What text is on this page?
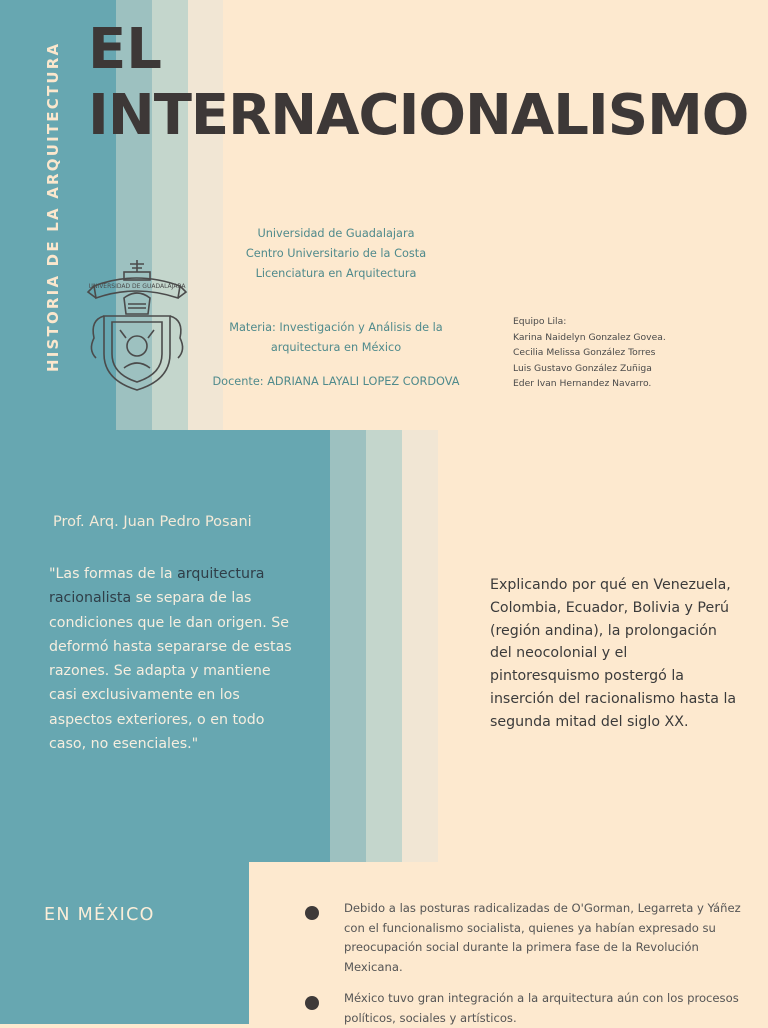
EL
INTERNACIONALISMO
HISTORIA DE LA ARQUITECTURA	UNIVERSIDAD DE GUADALAJARA
Universidad de Guadalajara
Centro Universitario de la Costa
Licenciatura en Arquitectura
Materia: Investigación y Análisis de la
arquitectura en México
Docente: ADRIANA LAYALI LOPEZ CORDOVA
Equipo Lila:
Karina Naidelyn Gonzalez Govea.
Cecilia Melissa González Torres
Luis Gustavo González Zuñiga
Eder Ivan Hernandez Navarro.
Prof. Arq. Juan Pedro Posani
"Las formas de la arquitectura racionalista se separa de las condiciones que le dan origen. Se deformó hasta separarse de estas razones. Se adapta y mantiene casi exclusivamente en los aspectos exteriores, o en todo caso, no esenciales."
Explicando por qué en Venezuela, Colombia, Ecuador, Bolivia y Perú (región andina), la prolongación del neocolonial y el pintoresquismo postergó la inserción del racionalismo hasta la segunda mitad del siglo XX.
EN MÉXICO	Debido a las posturas radicalizadas de O'Gorman, Legarreta y Yáñez con el funcionalismo socialista, quienes ya habían expresado su preocupación social durante la primera fase de la Revolución Mexicana.
México tuvo gran integración a la arquitectura aún con los procesos políticos, sociales y artísticos.
